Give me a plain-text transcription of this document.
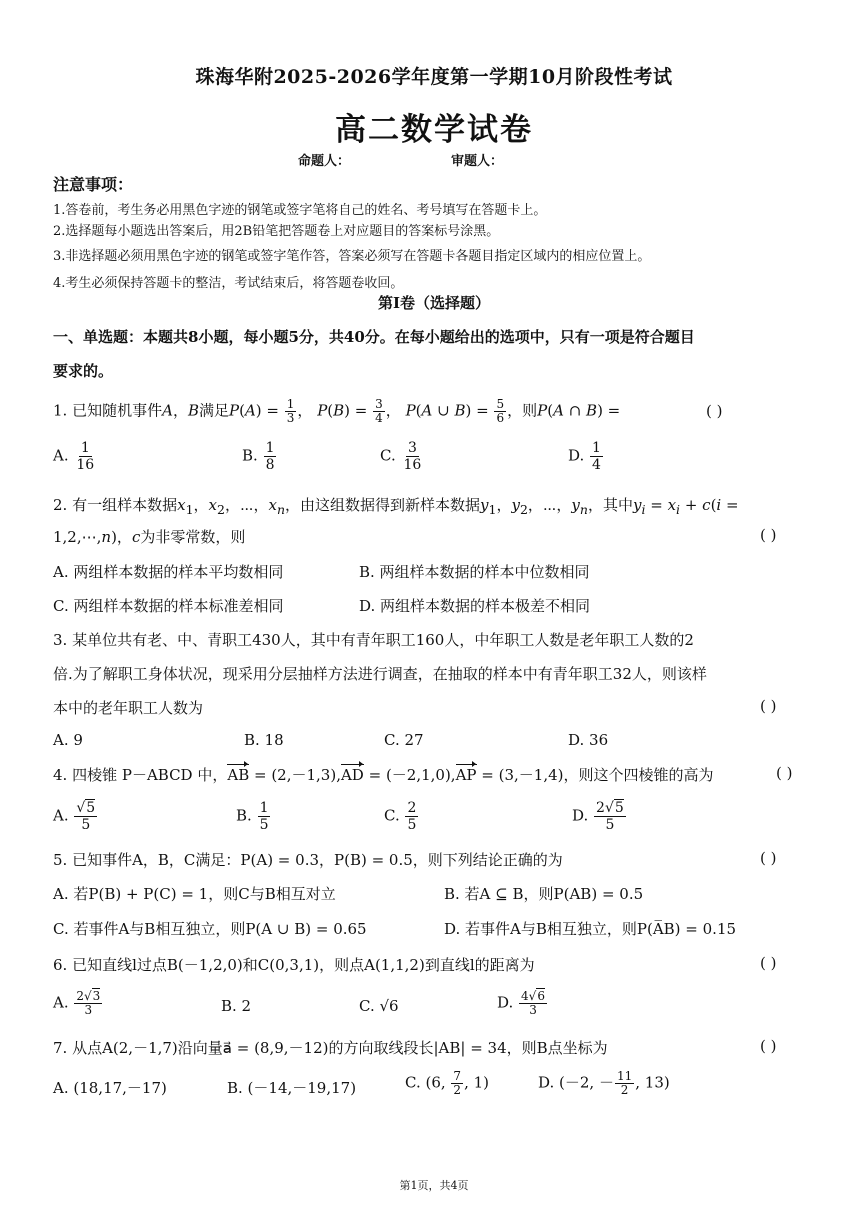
珠海华附2025-2026学年度第一学期10月阶段性考试
高二数学试卷
命题人：	审题人：
注意事项：
1.答卷前，考生务必用黑色字迹的钢笔或签字笔将自己的姓名、考号填写在答题卡上。
2.选择题每小题选出答案后，用2B铅笔把答题卷上对应题目的答案标号涂黑。
3.非选择题必须用黑色字迹的钢笔或签字笔作答，答案必须写在答题卡各题目指定区域内的相应位置上。
4.考生必须保持答题卡的整洁，考试结束后，将答题卷收回。
第Ⅰ卷（选择题）
一、单选题：本题共8小题，每小题5分，共40分。在每小题给出的选项中，只有一项是符合题目
要求的。
1. 已知随机事件A，B满足$P(A) = \frac{1}{3}$ ， $P(B) = \frac{3}{4}$ ， P(A ∪ $B) = \frac{5}{6}$ ，则P(A ∩ B) =	( )
A. $\frac{1}{16}$	B. $\frac{1}{8}$	C. $\frac{3}{16}$	D. $\frac{1}{4}$
2. 有一组样本数据$x_1$，$x_2$，⋯，$x_n$，由这组数据得到新样本数据$y_1$，$y_2$，⋯，$y_n$，其中$y_i = x_i + c(i$ =
1,2,⋯,n)，c为非零常数，则	( )
A. 两组样本数据的样本平均数相同	B. 两组样本数据的样本中位数相同
C. 两组样本数据的样本标准差相同	D. 两组样本数据的样本极差不相同
3. 某单位共有老、中、青职工430人，其中有青年职工160人，中年职工人数是老年职工人数的2
倍.为了解职工身体状况，现采用分层抽样方法进行调查，在抽取的样本中有青年职工32人，则该样
本中的老年职工人数为	( )
A. 9	B. 18	C. 27	D. 36
4. 四棱锥 P－ABCD 中，AB = (2,－1,3),AD = (－2,1,0),AP = (3,－1,4)，则这个四棱锥的高为	( )
A. $\frac{√5}{5}$	B. $\frac{1}{5}$	C. $\frac{2}{5}$	D. $\frac{2√5}{5}$
5. 已知事件A，B，C满足：P(A) = 0.3，P(B) = 0.5，则下列结论正确的为	( )
A. 若P(B) + P(C) = 1，则C与B相互对立	B. 若A ⊆ B，则P(AB) = 0.5
C. 若事件A与B相互独立，则P(A ∪ B) = 0.65	D. 若事件A与B相互独立，则P(A̅B) = 0.15
6. 已知直线l过点B(－1,2,0)和C(0,3,1)，则点A(1,1,2)到直线l的距离为	( )
A. $\frac{2√3}{3}$	B. 2	C. √6	D. $\frac{4√6}{3}$
7. 从点A(2,－1,7)沿向量a⃗ = (8,9,－12)的方向取线段长|AB| = 34，则B点坐标为	( )
A. (18,17,－17)	B. (－14,－19,17)	C. (6, $\frac{7}{2}$ , 1)	D. (－2, － $\frac{11}{2}$ , 13)
第1页，共4页
